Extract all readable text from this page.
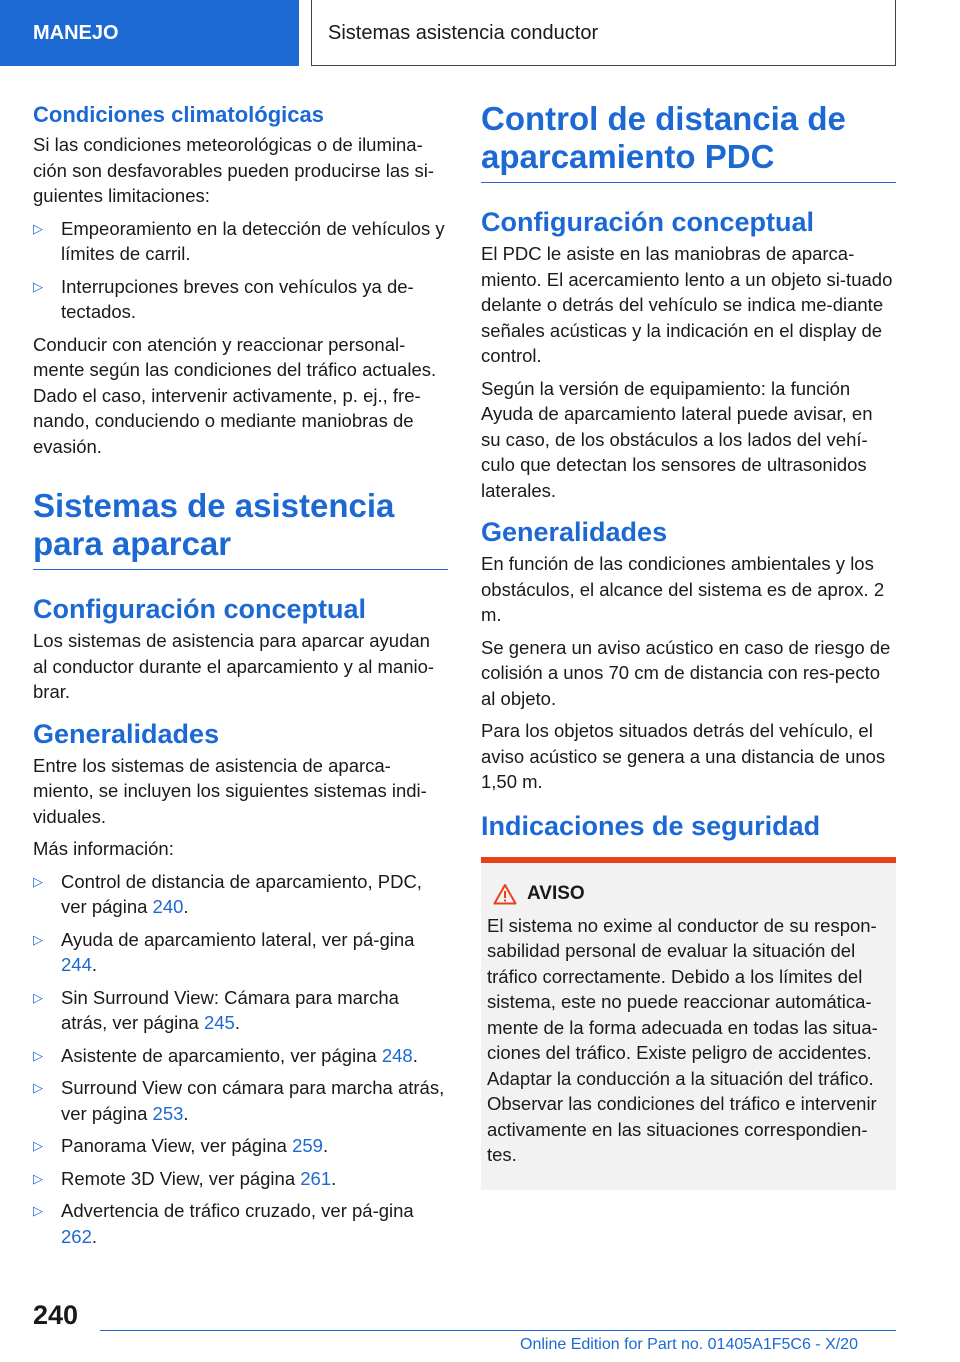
MANEJO	Sistemas asistencia conductor
Condiciones climatológicas

Si las condiciones meteorológicas o de ilumina-ción son desfavorables pueden producirse las si-guientes limitaciones:

▷ Empeoramiento en la detección de vehículos y límites de carril.
▷ Interrupciones breves con vehículos ya de-tectados.

Conducir con atención y reaccionar personal-mente según las condiciones del tráfico actuales. Dado el caso, intervenir activamente, p. ej., fre-nando, conduciendo o mediante maniobras de evasión.

Sistemas de asistencia para aparcar
Configuración conceptual

Los sistemas de asistencia para aparcar ayudan al conductor durante el aparcamiento y al manio-brar.

Generalidades

Entre los sistemas de asistencia de aparca-miento, se incluyen los siguientes sistemas indi-viduales.

Más información:

▷ Control de distancia de aparcamiento, PDC, ver página 240.
▷ Ayuda de aparcamiento lateral, ver pá-gina 244.
▷ Sin Surround View: Cámara para marcha atrás, ver página 245.
▷ Asistente de aparcamiento, ver página 248.
▷ Surround View con cámara para marcha atrás, ver página 253.
▷ Panorama View, ver página 259.
▷ Remote 3D View, ver página 261.
▷ Advertencia de tráfico cruzado, ver pá-gina 262.
Control de distancia de aparcamiento PDC
Configuración conceptual

El PDC le asiste en las maniobras de aparca-miento. El acercamiento lento a un objeto si-tuado delante o detrás del vehículo se indica me-diante señales acústicas y la indicación en el display de control.

Según la versión de equipamiento: la función Ayuda de aparcamiento lateral puede avisar, en su caso, de los obstáculos a los lados del vehí-culo que detectan los sensores de ultrasonidos laterales.

Generalidades

En función de las condiciones ambientales y los obstáculos, el alcance del sistema es de aprox. 2 m.

Se genera un aviso acústico en caso de riesgo de colisión a unos 70 cm de distancia con res-pecto al objeto.

Para los objetos situados detrás del vehículo, el aviso acústico se genera a una distancia de unos 1,50 m.

Indicaciones de seguridad
AVISO

El sistema no exime al conductor de su respon-sabilidad personal de evaluar la situación del tráfico correctamente. Debido a los límites del sistema, este no puede reaccionar automática-mente de la forma adecuada en todas las situa-ciones del tráfico. Existe peligro de accidentes. Adaptar la conducción a la situación del tráfico. Observar las condiciones del tráfico e intervenir activamente en las situaciones correspondien-tes.

240
Online Edition for Part no. 01405A1F5C6 - X/20
